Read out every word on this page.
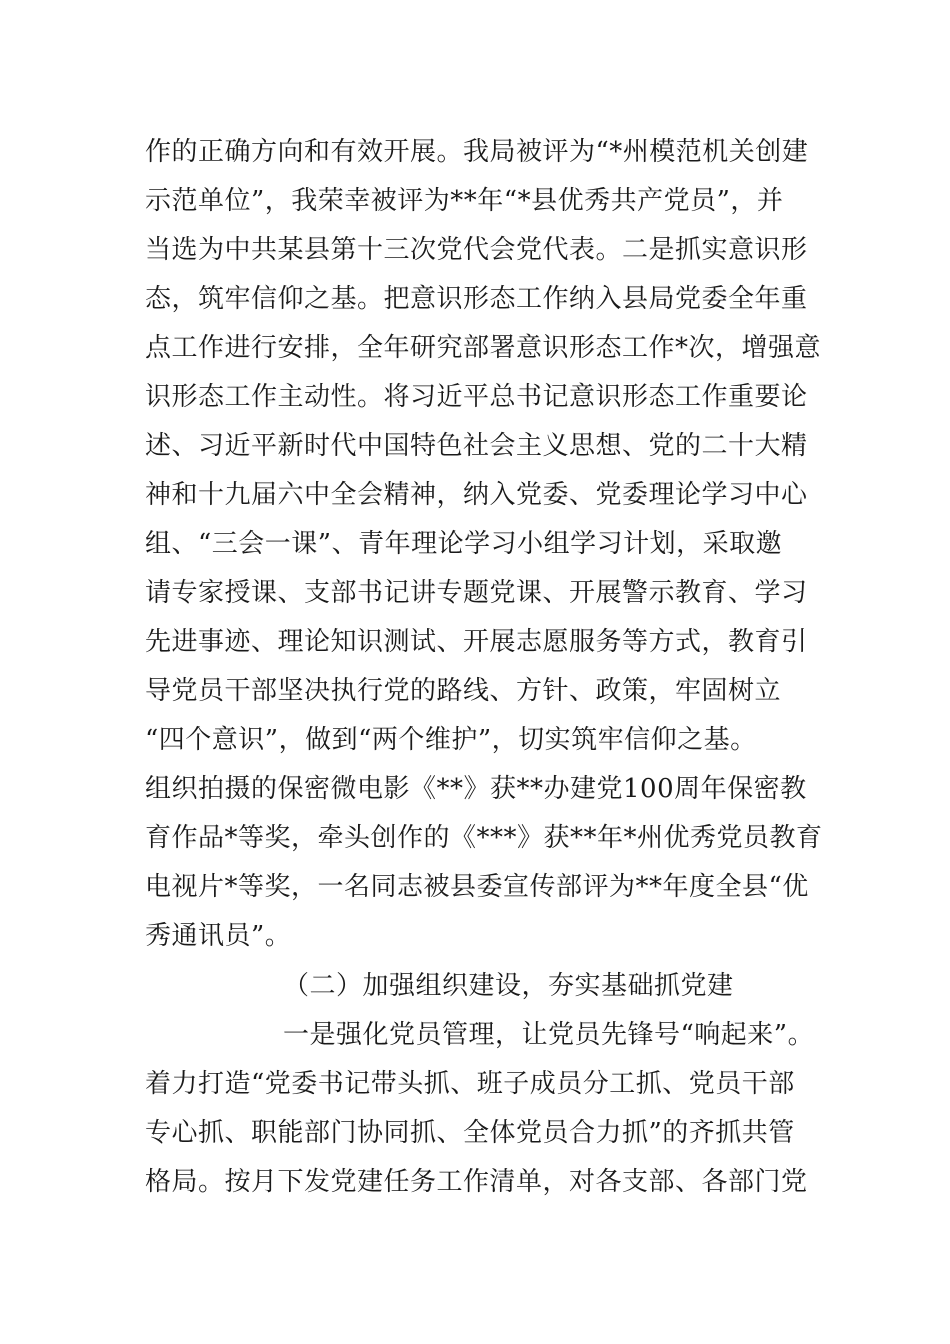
作的正确方向和有效开展。我局被评为“*州模范机关创建
示范单位”，我荣幸被评为**年“*县优秀共产党员”，并
当选为中共某县第十三次党代会党代表。二是抓实意识形
态，筑牢信仰之基。把意识形态工作纳入县局党委全年重
点工作进行安排，全年研究部署意识形态工作*次，增强意
识形态工作主动性。将习近平总书记意识形态工作重要论
述、习近平新时代中国特色社会主义思想、党的二十大精
神和十九届六中全会精神，纳入党委、党委理论学习中心
组、“三会一课”、青年理论学习小组学习计划，采取邀
请专家授课、支部书记讲专题党课、开展警示教育、学习
先进事迹、理论知识测试、开展志愿服务等方式，教育引
导党员干部坚决执行党的路线、方针、政策，牢固树立
“四个意识”，做到“两个维护”，切实筑牢信仰之基。
组织拍摄的保密微电影《**》获**办建党100周年保密教
育作品*等奖，牵头创作的《***》获**年*州优秀党员教育
电视片*等奖，一名同志被县委宣传部评为**年度全县“优
秀通讯员”。
（二）加强组织建设，夯实基础抓党建
一是强化党员管理，让党员先锋号“响起来”。
着力打造“党委书记带头抓、班子成员分工抓、党员干部
专心抓、职能部门协同抓、全体党员合力抓”的齐抓共管
格局。按月下发党建任务工作清单，对各支部、各部门党
